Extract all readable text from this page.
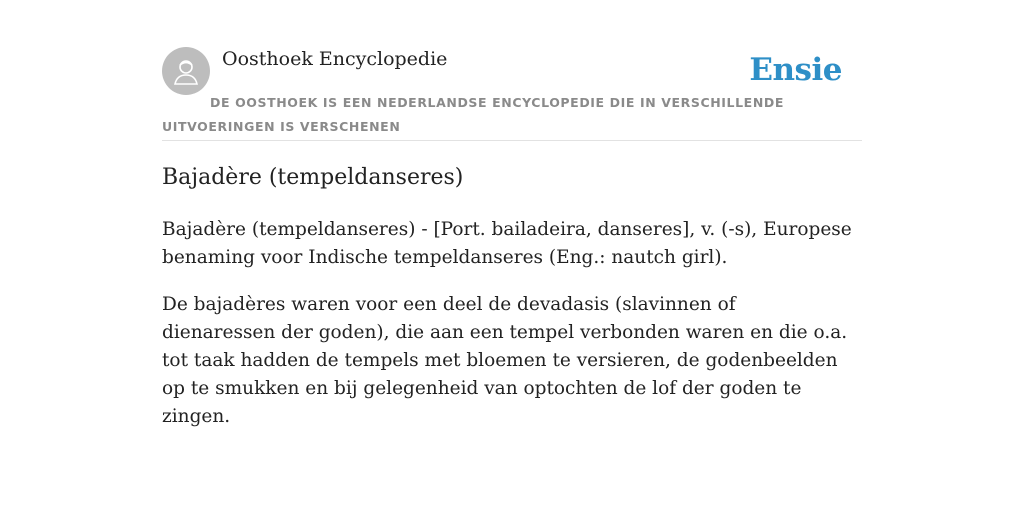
Oosthoek Encyclopedie	Ensie
DE OOSTHOEK IS EEN NEDERLANDSE ENCYCLOPEDIE DIE IN VERSCHILLENDE UITVOERINGEN IS VERSCHENEN
Bajadère (tempeldanseres)

Bajadère (tempeldanseres) - [Port. bailadeira, danseres], v. (-s), Europese benaming voor Indische tempeldanseres (Eng.: nautch girl).

De bajadères waren voor een deel de devadasis (slavinnen of dienaressen der goden), die aan een tempel verbonden waren en die o.a. tot taak hadden de tempels met bloemen te versieren, de godenbeelden op te smukken en bij gelegenheid van optochten de lof der goden te zingen.
